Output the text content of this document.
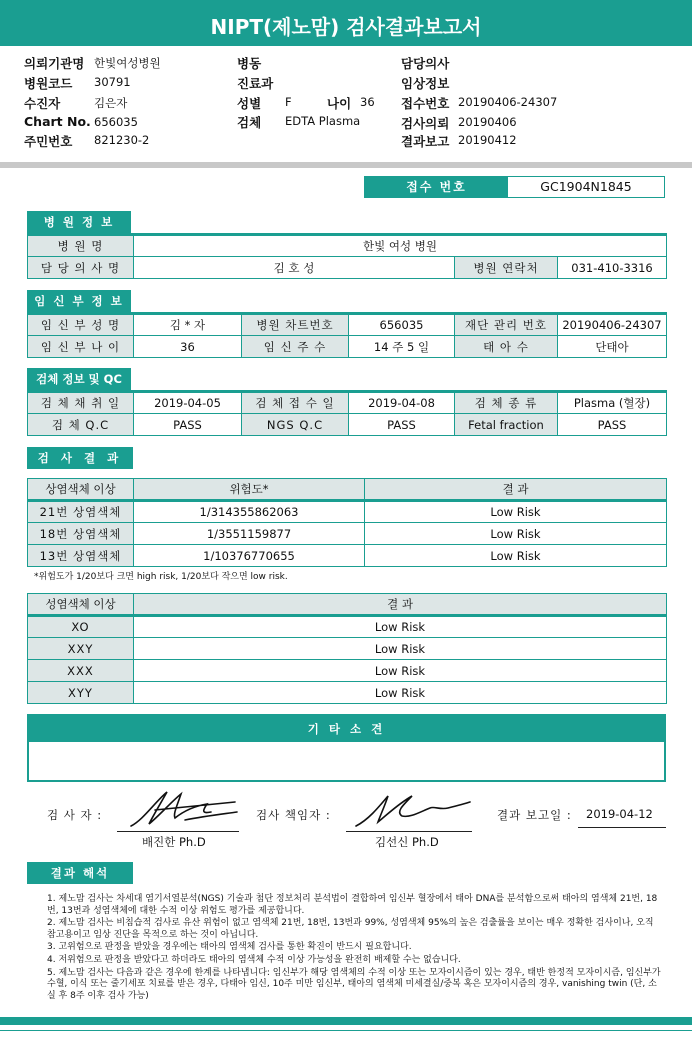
NIPT(제노맘) 검사결과보고서
의뢰기관명 한빛여성병원
병원코드 30791
수진자	김은자
Chart No. 656035
주민번호 821230-2
병동
진료과
성별 F	나이 36
검체 EDTA Plasma
담당의사
임상정보
접수번호 20190406-24307
검사의뢰 20190406
결과보고 20190412
접수 번호	GC1904N1845
병 원 정 보
병 원 명	한빛 여성 병원		
담 당 의 사 명	김 호 성	병원 연락처	031-410-3316
임 신 부 정 보
임 신 부 성 명	김 * 자	병원 차트번호	656035	재단 관리 번호	20190406-24307
임 신 부 나 이	36	임 신 주 수	14 주 5 일	태 아 수	단태아
검체 정보 및 QC
검 체 채 취 일	2019-04-05	검 체 접 수 일	2019-04-08	검 체 종 류	Plasma (혈장)
검 체 Q.C	PASS	NGS Q.C	PASS	Fetal fraction	PASS
검 사 결 과
상염색체 이상	위험도*	결 과
21번 상염색체	1/314355862063	Low Risk
18번 상염색체	1/3551159877	Low Risk
13번 상염색체	1/10376770655	Low Risk
*위험도가 1/20보다 크면 high risk, 1/20보다 작으면 low risk.
성염색체 이상	결 과
XO	Low Risk
XXY	Low Risk
XXX	Low Risk
XYY	Low Risk
기 타 소 견
검 사 자 :
배진한 Ph.D
검사 책임자 :
김선신 Ph.D
결과 보고일 : 2019-04-12
결과 해석
1. 제노맘 검사는 차세대 염기서열분석(NGS) 기술과 첨단 정보처리 분석법이 결합하여 임신부 혈장에서 태아 DNA를 분석함으로써 태아의 염색체 21번, 18번, 13번과 성염색체에 대한 수적 이상 위험도 평가를 제공합니다.
2. 제노맘 검사는 비침습적 검사로 유산 위험이 없고 염색체 21번, 18번, 13번과 99%, 성염색체 95%의 높은 검출률을 보이는 매우 정확한 검사이나, 오직 참고용이고 임상 진단을 목적으로 하는 것이 아닙니다.
3. 고위험으로 판정을 받았을 경우에는 태아의 염색체 검사를 통한 확진이 반드시 필요합니다.
4. 저위험으로 판정을 받았다고 하더라도 태아의 염색체 수적 이상 가능성을 완전히 배제할 수는 없습니다.
5. 제노맘 검사는 다음과 같은 경우에 한계를 나타냅니다: 임신부가 해당 염색체의 수적 이상 또는 모자이시즘이 있는 경우, 태반 한정적 모자이시즘, 임신부가 수혈, 이식 또는 줄기세포 치료를 받은 경우, 다태아 임신, 10주 미만 임신부, 태아의 염색체 미세결실/중복 혹은 모자이시즘의 경우, vanishing twin (단, 소실 후 8주 이후 검사 가능)
